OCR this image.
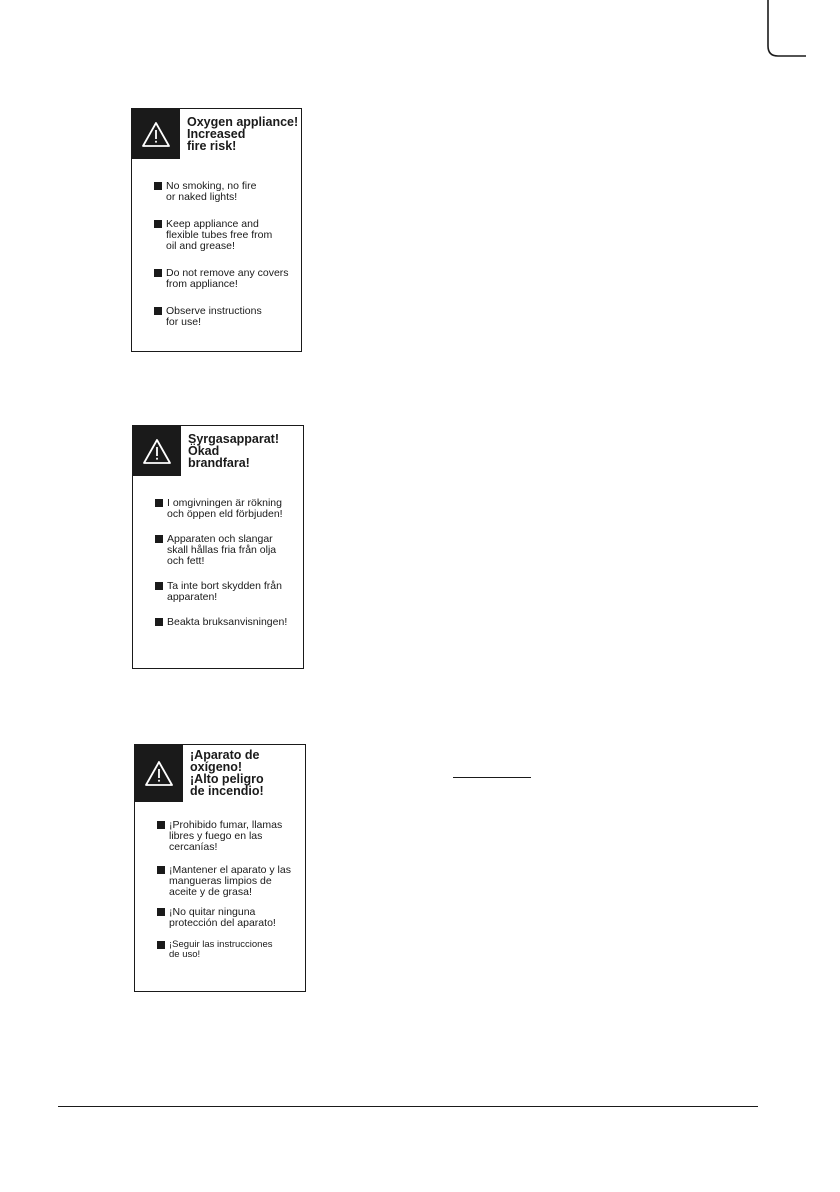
Oxygen appliance!
Increased
fire risk!
No smoking, no fire
or naked lights!
Keep appliance and
flexible tubes free from
oil and grease!
Do not remove any covers
from appliance!
Observe instructions
for use!
Syrgasapparat!
Ökad
brandfara!
I omgivningen är rökning
och öppen eld förbjuden!
Apparaten och slangar
skall hållas fria från olja
och fett!
Ta inte bort skydden från
apparaten!
Beakta bruksanvisningen!
¡Aparato de
oxígeno!
¡Alto peligro
de incendio!
¡Prohibido fumar, llamas
libres y fuego en las
cercanías!
¡Mantener el aparato y las
mangueras limpios de
aceite y de grasa!
¡No quitar ninguna
protección del aparato!
¡Seguir las instrucciones
de uso!
